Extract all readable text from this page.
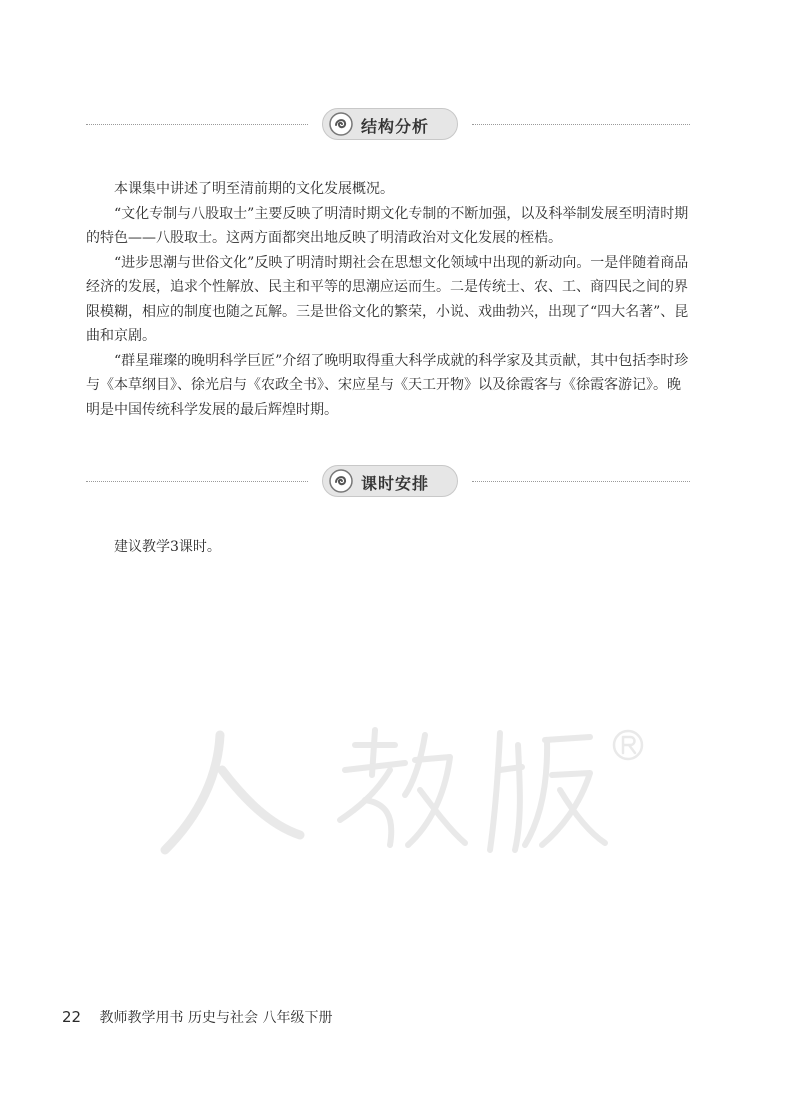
结构分析

本课集中讲述了明至清前期的文化发展概况。

“文化专制与八股取士”主要反映了明清时期文化专制的不断加强，以及科举制发展至明清时期的特色——八股取士。这两方面都突出地反映了明清政治对文化发展的桎梏。

“进步思潮与世俗文化”反映了明清时期社会在思想文化领域中出现的新动向。一是伴随着商品经济的发展，追求个性解放、民主和平等的思潮应运而生。二是传统士、农、工、商四民之间的界限模糊，相应的制度也随之瓦解。三是世俗文化的繁荣，小说、戏曲勃兴，出现了“四大名著”、昆曲和京剧。

“群星璀璨的晚明科学巨匠”介绍了晚明取得重大科学成就的科学家及其贡献，其中包括李时珍与《本草纲目》、徐光启与《农政全书》、宋应星与《天工开物》以及徐霞客与《徐霞客游记》。晚明是中国传统科学发展的最后辉煌时期。

课时安排

建议教学3课时。

22 教师教学用书 历史与社会 八年级下册
